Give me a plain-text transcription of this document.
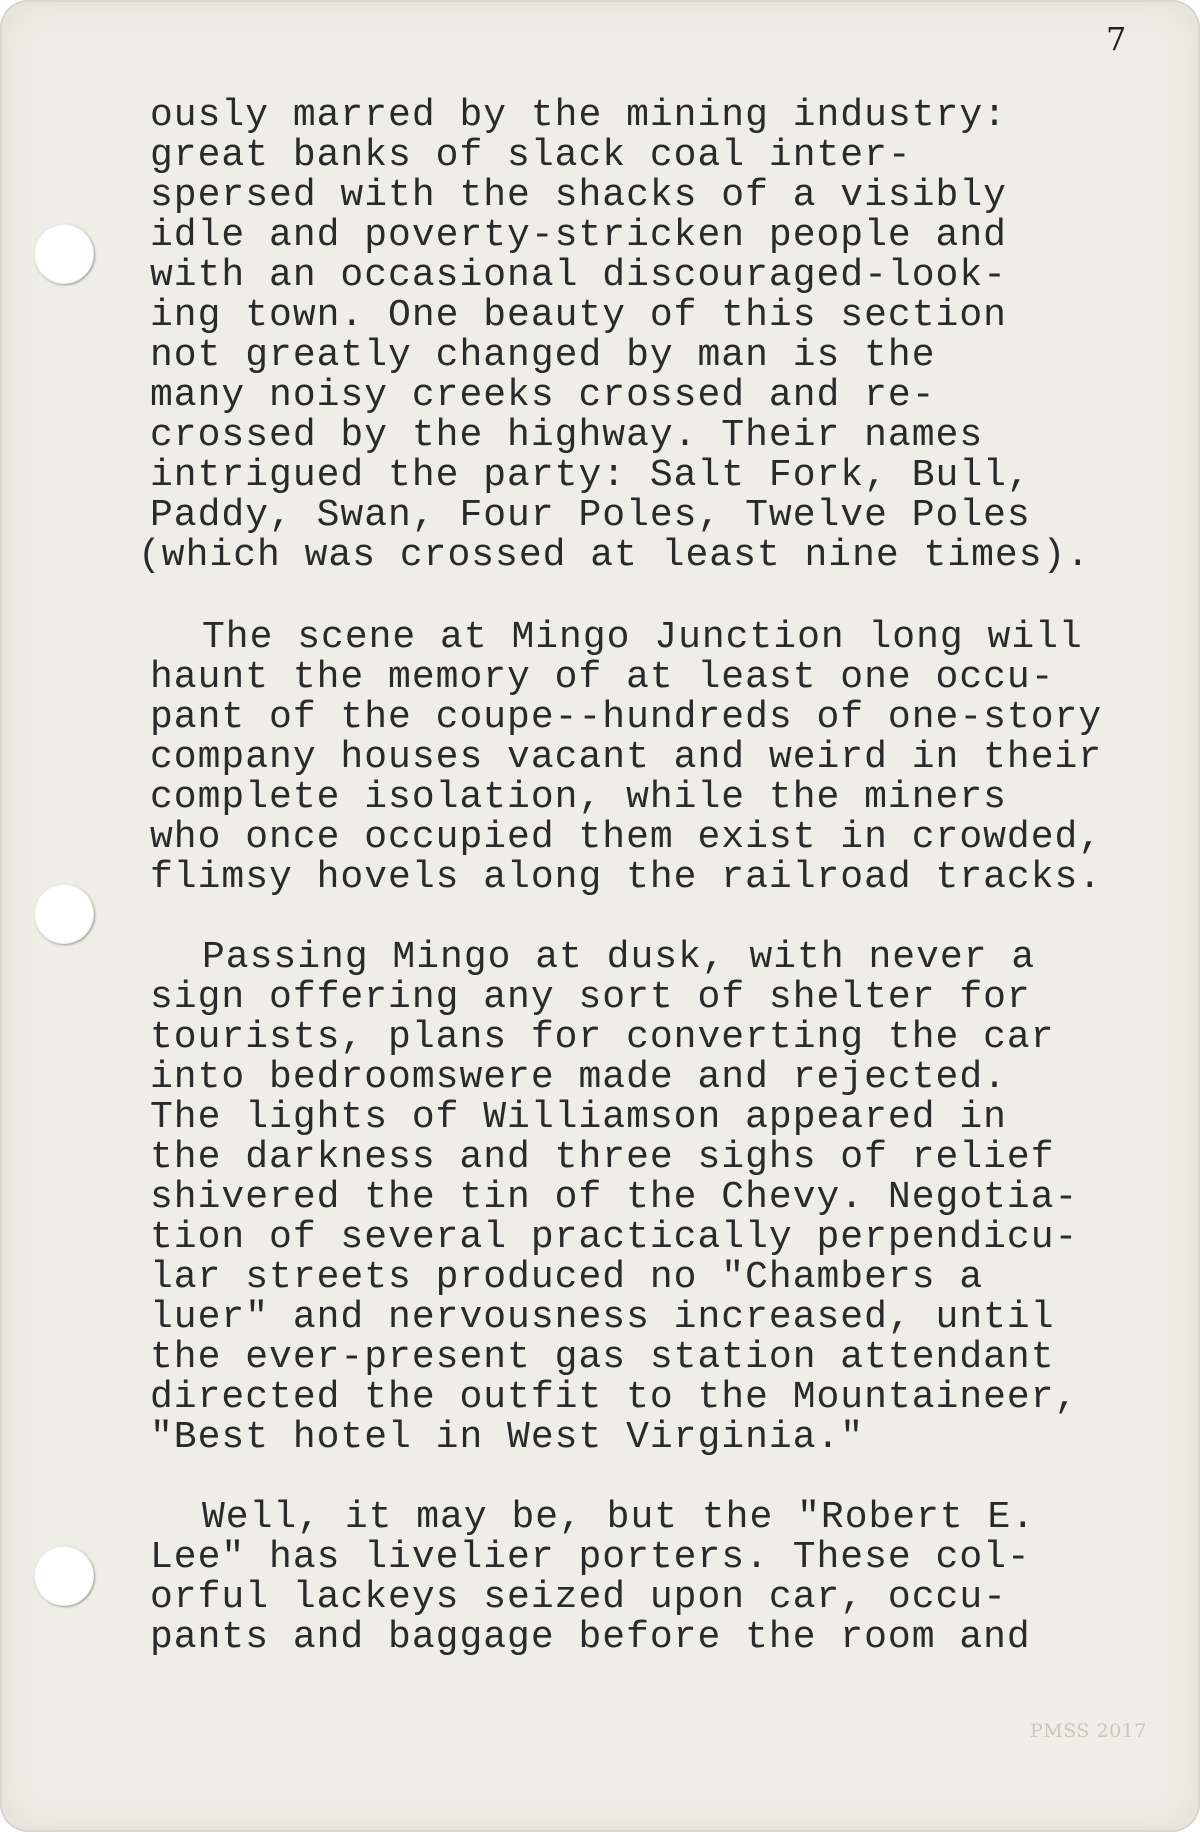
7
ously marred by the mining industry:
great banks of slack coal inter-
spersed with the shacks of a visibly
idle and poverty-stricken people and
with an occasional discouraged-look-
ing town. One beauty of this section
not greatly changed by man is the
many noisy creeks crossed and re-
crossed by the highway. Their names
intrigued the party: Salt Fork, Bull,
Paddy, Swan, Four Poles, Twelve Poles
(which was crossed at least nine times).
The scene at Mingo Junction long will
haunt the memory of at least one occu-
pant of the coupe--hundreds of one-story
company houses vacant and weird in their
complete isolation, while the miners
who once occupied them exist in crowded,
flimsy hovels along the railroad tracks.
Passing Mingo at dusk, with never a
sign offering any sort of shelter for
tourists, plans for converting the car
into bedroomswere made and rejected.
The lights of Williamson appeared in
the darkness and three sighs of relief
shivered the tin of the Chevy. Negotia-
tion of several practically perpendicu-
lar streets produced no "Chambers a
luer" and nervousness increased, until
the ever-present gas station attendant
directed the outfit to the Mountaineer,
"Best hotel in West Virginia."
Well, it may be, but the "Robert E.
Lee" has livelier porters. These col-
orful lackeys seized upon car, occu-
pants and baggage before the room and
PMSS 2017
